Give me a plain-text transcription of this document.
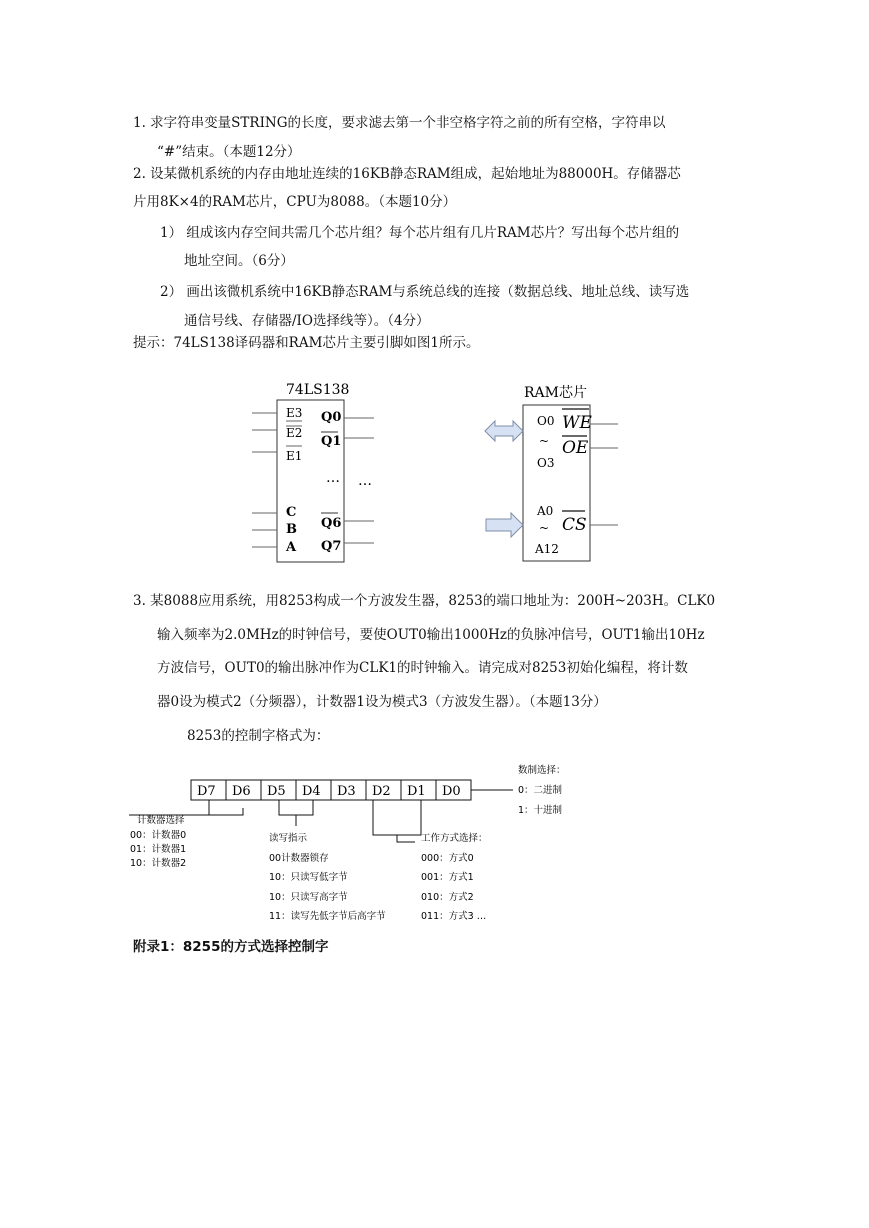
1. 求字符串变量STRING的长度，要求滤去第一个非空格字符之前的所有空格，字符串以
“#”结束。（本题12分）
2. 设某微机系统的内存由地址连续的16KB静态RAM组成，起始地址为88000H。存储器芯
片用8K×4的RAM芯片，CPU为8088。（本题10分）
1） 组成该内存空间共需几个芯片组？每个芯片组有几片RAM芯片？写出每个芯片组的
地址空间。（6分）
2） 画出该微机系统中16KB静态RAM与系统总线的连接（数据总线、地址总线、读写选
通信号线、存储器/IO选择线等）。（4分）
提示：74LS138译码器和RAM芯片主要引脚如图1所示。
74LS138
E3
E2
E1
C
B
A
Q0
Q1
… …
Q6
Q7
RAM芯片
O0
~
O3
A0
~
A12
WE
OE
CS
3. 某8088应用系统，用8253构成一个方波发生器，8253的端口地址为：200H~203H。CLK0
输入频率为2.0MHz的时钟信号，要使OUT0输出1000Hz的负脉冲信号，OUT1输出10Hz
方波信号，OUT0的输出脉冲作为CLK1的时钟输入。请完成对8253初始化编程，将计数
器0设为模式2（分频器），计数器1设为模式3（方波发生器）。（本题13分）
8253的控制字格式为：
D7 D6 D5 D4 D3 D2 D1 D0
计数器选择
00：计数器0
01：计数器1
10：计数器2
读写指示
00计数器锁存
10：只读写低字节
10：只读写高字节
11：读写先低字节后高字节
工作方式选择：
000：方式0
001：方式1
010：方式2
011：方式3 …
数制选择：
0：二进制
1：十进制
附录1：8255的方式选择控制字
